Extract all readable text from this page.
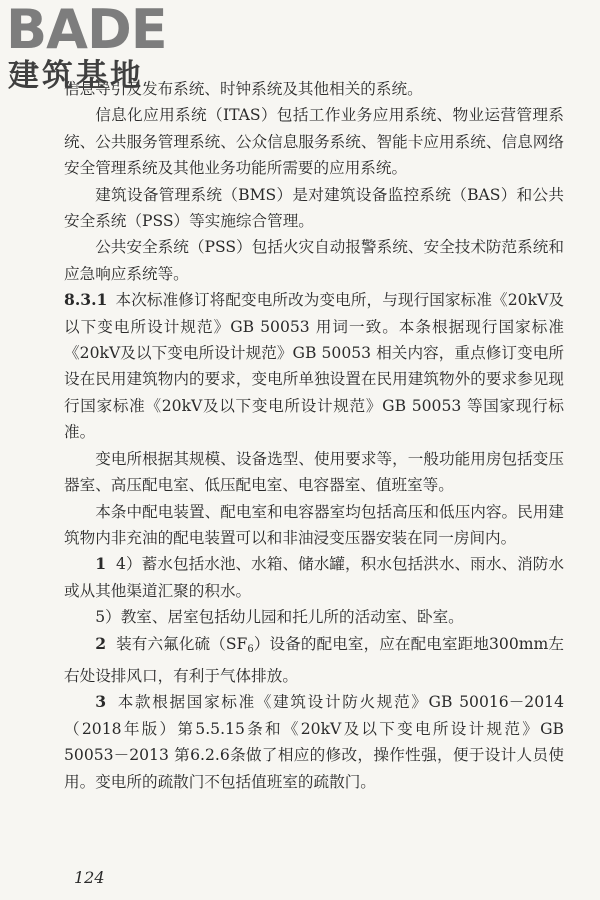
信息导引及发布系统、时钟系统及其他相关的系统。

信息化应用系统（ITAS）包括工作业务应用系统、物业运营管理系统、公共服务管理系统、公众信息服务系统、智能卡应用系统、信息网络安全管理系统及其他业务功能所需要的应用系统。

建筑设备管理系统（BMS）是对建筑设备监控系统（BAS）和公共安全系统（PSS）等实施综合管理。

公共安全系统（PSS）包括火灾自动报警系统、安全技术防范系统和应急响应系统等。

8.3.1 本次标准修订将配变电所改为变电所，与现行国家标准《20kV及以下变电所设计规范》GB 50053 用词一致。本条根据现行国家标准《20kV及以下变电所设计规范》GB 50053 相关内容，重点修订变电所设在民用建筑物内的要求，变电所单独设置在民用建筑物外的要求参见现行国家标准《20kV及以下变电所设计规范》GB 50053 等国家现行标准。

变电所根据其规模、设备选型、使用要求等，一般功能用房包括变压器室、高压配电室、低压配电室、电容器室、值班室等。

本条中配电装置、配电室和电容器室均包括高压和低压内容。民用建筑物内非充油的配电装置可以和非油浸变压器安装在同一房间内。

1 4）蓄水包括水池、水箱、储水罐，积水包括洪水、雨水、消防水或从其他渠道汇聚的积水。

5）教室、居室包括幼儿园和托儿所的活动室、卧室。

2 装有六氟化硫$(SF_6)$设备的配电室，应在配电室距地300mm左右处设排风口，有利于气体排放。

3 本款根据国家标准《建筑设计防火规范》GB 50016－2014（2018年版）第5.5.15条和《20kV及以下变电所设计规范》GB 50053－2013 第6.2.6条做了相应的修改，操作性强，便于设计人员使用。变电所的疏散门不包括值班室的疏散门。

BADE
建筑基地
124
